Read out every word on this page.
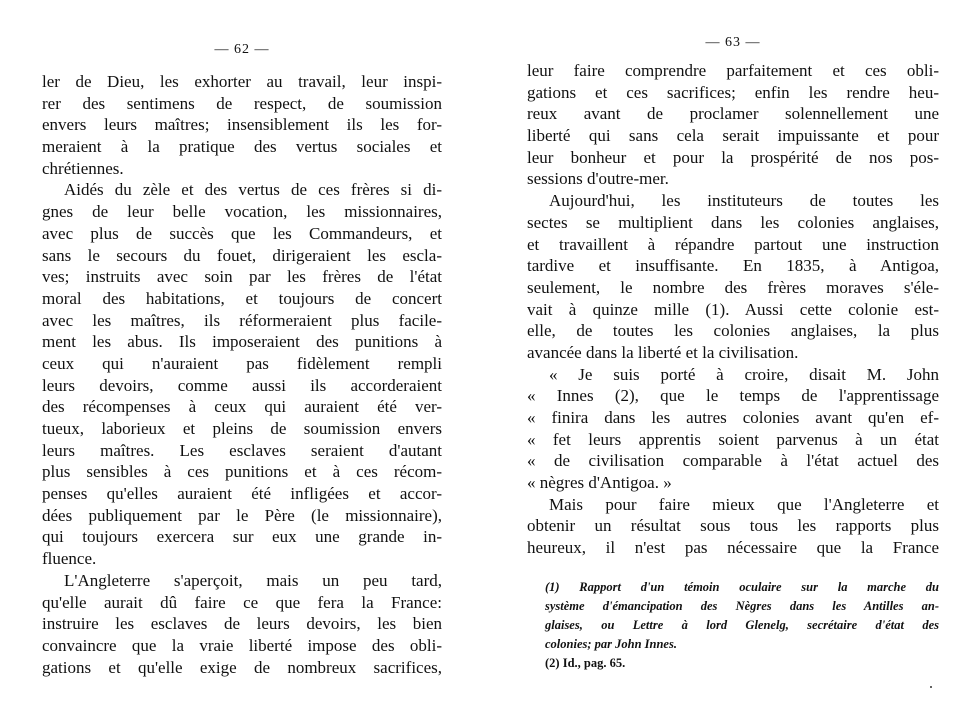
— 62 —
ler de Dieu, les exhorter au travail, leur inspi-
rer des sentimens de respect, de soumission
envers leurs maîtres; insensiblement ils les for-
meraient à la pratique des vertus sociales et
chrétiennes.
Aidés du zèle et des vertus de ces frères si di-
gnes de leur belle vocation, les missionnaires,
avec plus de succès que les Commandeurs, et
sans le secours du fouet, dirigeraient les escla-
ves; instruits avec soin par les frères de l'état
moral des habitations, et toujours de concert
avec les maîtres, ils réformeraient plus facile-
ment les abus. Ils imposeraient des punitions à
ceux qui n'auraient pas fidèlement rempli
leurs devoirs, comme aussi ils accorderaient
des récompenses à ceux qui auraient été ver-
tueux, laborieux et pleins de soumission envers
leurs maîtres. Les esclaves seraient d'autant
plus sensibles à ces punitions et à ces récom-
penses qu'elles auraient été infligées et accor-
dées publiquement par le Père (le missionnaire),
qui toujours exercera sur eux une grande in-
fluence.
L'Angleterre s'aperçoit, mais un peu tard,
qu'elle aurait dû faire ce que fera la France:
instruire les esclaves de leurs devoirs, les bien
convaincre que la vraie liberté impose des obli-
gations et qu'elle exige de nombreux sacrifices,
— 63 —
leur faire comprendre parfaitement et ces obli-
gations et ces sacrifices; enfin les rendre heu-
reux avant de proclamer solennellement une
liberté qui sans cela serait impuissante et pour
leur bonheur et pour la prospérité de nos pos-
sessions d'outre-mer.
Aujourd'hui, les instituteurs de toutes les
sectes se multiplient dans les colonies anglaises,
et travaillent à répandre partout une instruction
tardive et insuffisante. En 1835, à Antigoa,
seulement, le nombre des frères moraves s'éle-
vait à quinze mille (1). Aussi cette colonie est-
elle, de toutes les colonies anglaises, la plus
avancée dans la liberté et la civilisation.
« Je suis porté à croire, disait M. John
« Innes (2), que le temps de l'apprentissage
« finira dans les autres colonies avant qu'en ef-
« fet leurs apprentis soient parvenus à un état
« de civilisation comparable à l'état actuel des
« nègres d'Antigoa. »
Mais pour faire mieux que l'Angleterre et
obtenir un résultat sous tous les rapports plus
heureux, il n'est pas nécessaire que la France
(1) Rapport d'un témoin oculaire sur la marche du
système d'émancipation des Nègres dans les Antilles an-
glaises, ou Lettre à lord Glenelg, secrétaire d'état des
colonies; par John Innes.
(2) Id., pag. 65.
